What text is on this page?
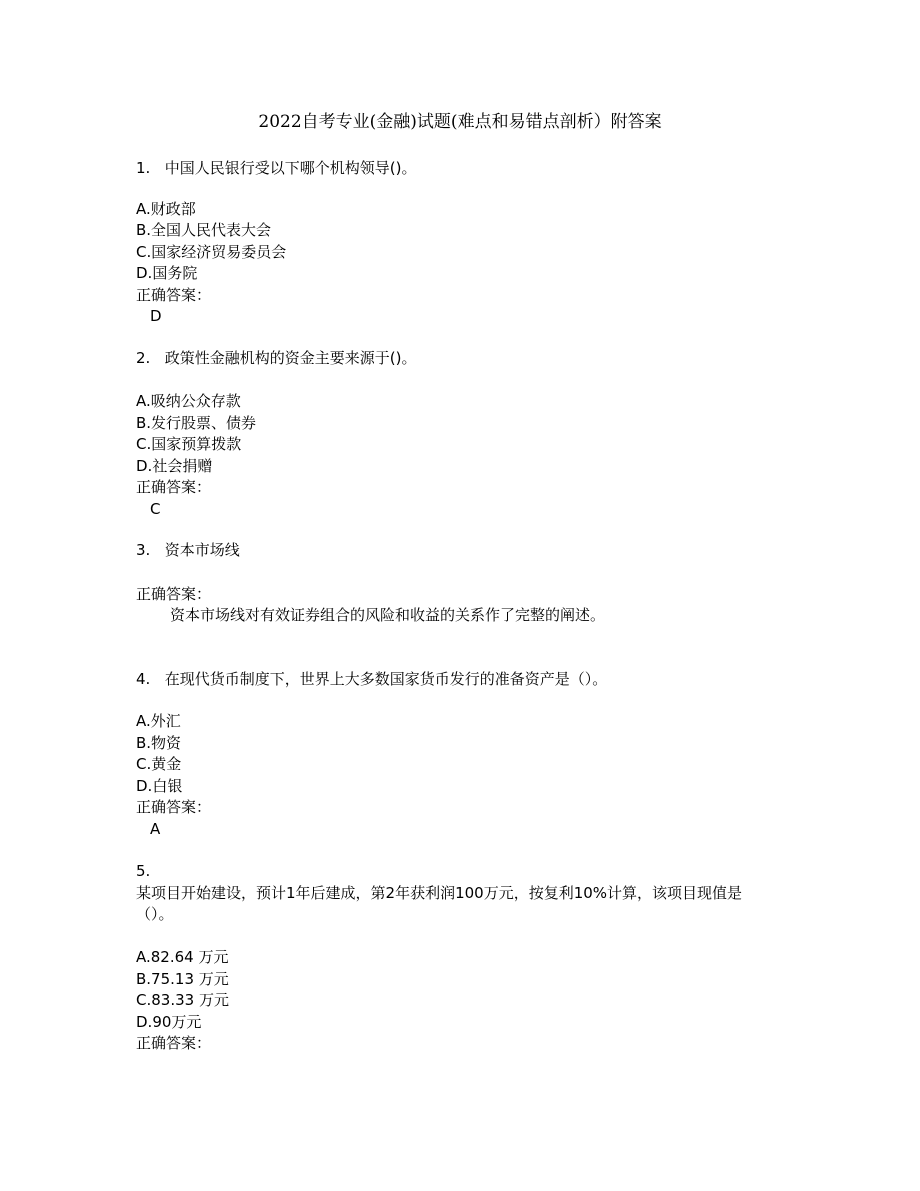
2022自考专业(金融)试题(难点和易错点剖析）附答案
1. 中国人民银行受以下哪个机构领导()。
A.财政部
B.全国人民代表大会
C.国家经济贸易委员会
D.国务院
正确答案：
D
2. 政策性金融机构的资金主要来源于()。
A.吸纳公众存款
B.发行股票、债券
C.国家预算拨款
D.社会捐赠
正确答案：
C
3. 资本市场线
正确答案：
资本市场线对有效证券组合的风险和收益的关系作了完整的阐述。
4. 在现代货币制度下，世界上大多数国家货币发行的准备资产是（）。
A.外汇
B.物资
C.黄金
D.白银
正确答案：
A
5.
某项目开始建设，预计1年后建成，第2年获利润100万元，按复利10%计算，该项目现值是
（）。
A.82.64 万元
B.75.13 万元
C.83.33 万元
D.90万元
正确答案：
